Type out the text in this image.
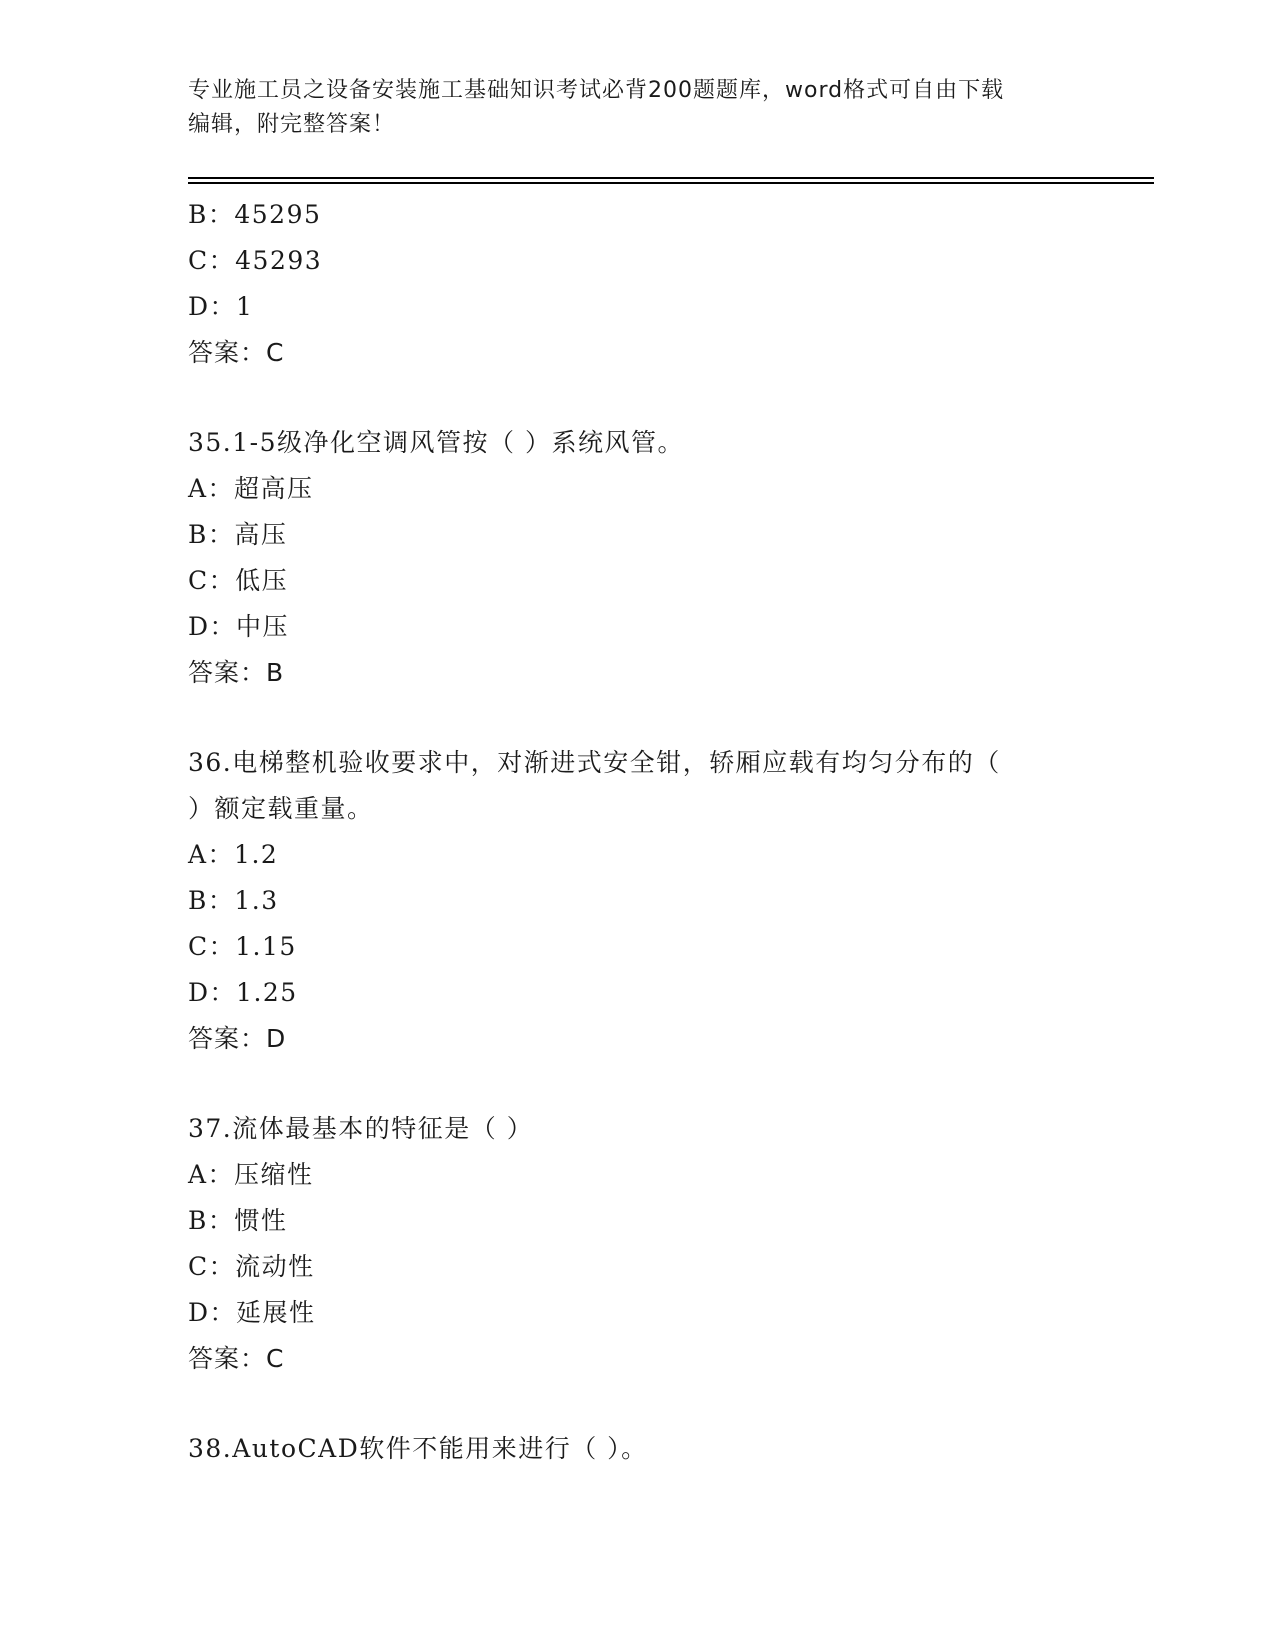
专业施工员之设备安装施工基础知识考试必背200题题库，word格式可自由下载
编辑，附完整答案！
B：45295
C：45293
D：1
答案：C
35.1-5级净化空调风管按（ ）系统风管。
A：超高压
B：高压
C：低压
D：中压
答案：B
36.电梯整机验收要求中，对渐进式安全钳，轿厢应载有均匀分布的（
）额定载重量。
A：1.2
B：1.3
C：1.15
D：1.25
答案：D
37.流体最基本的特征是（ ）
A：压缩性
B：惯性
C：流动性
D：延展性
答案：C
38.AutoCAD软件不能用来进行（ ）。
